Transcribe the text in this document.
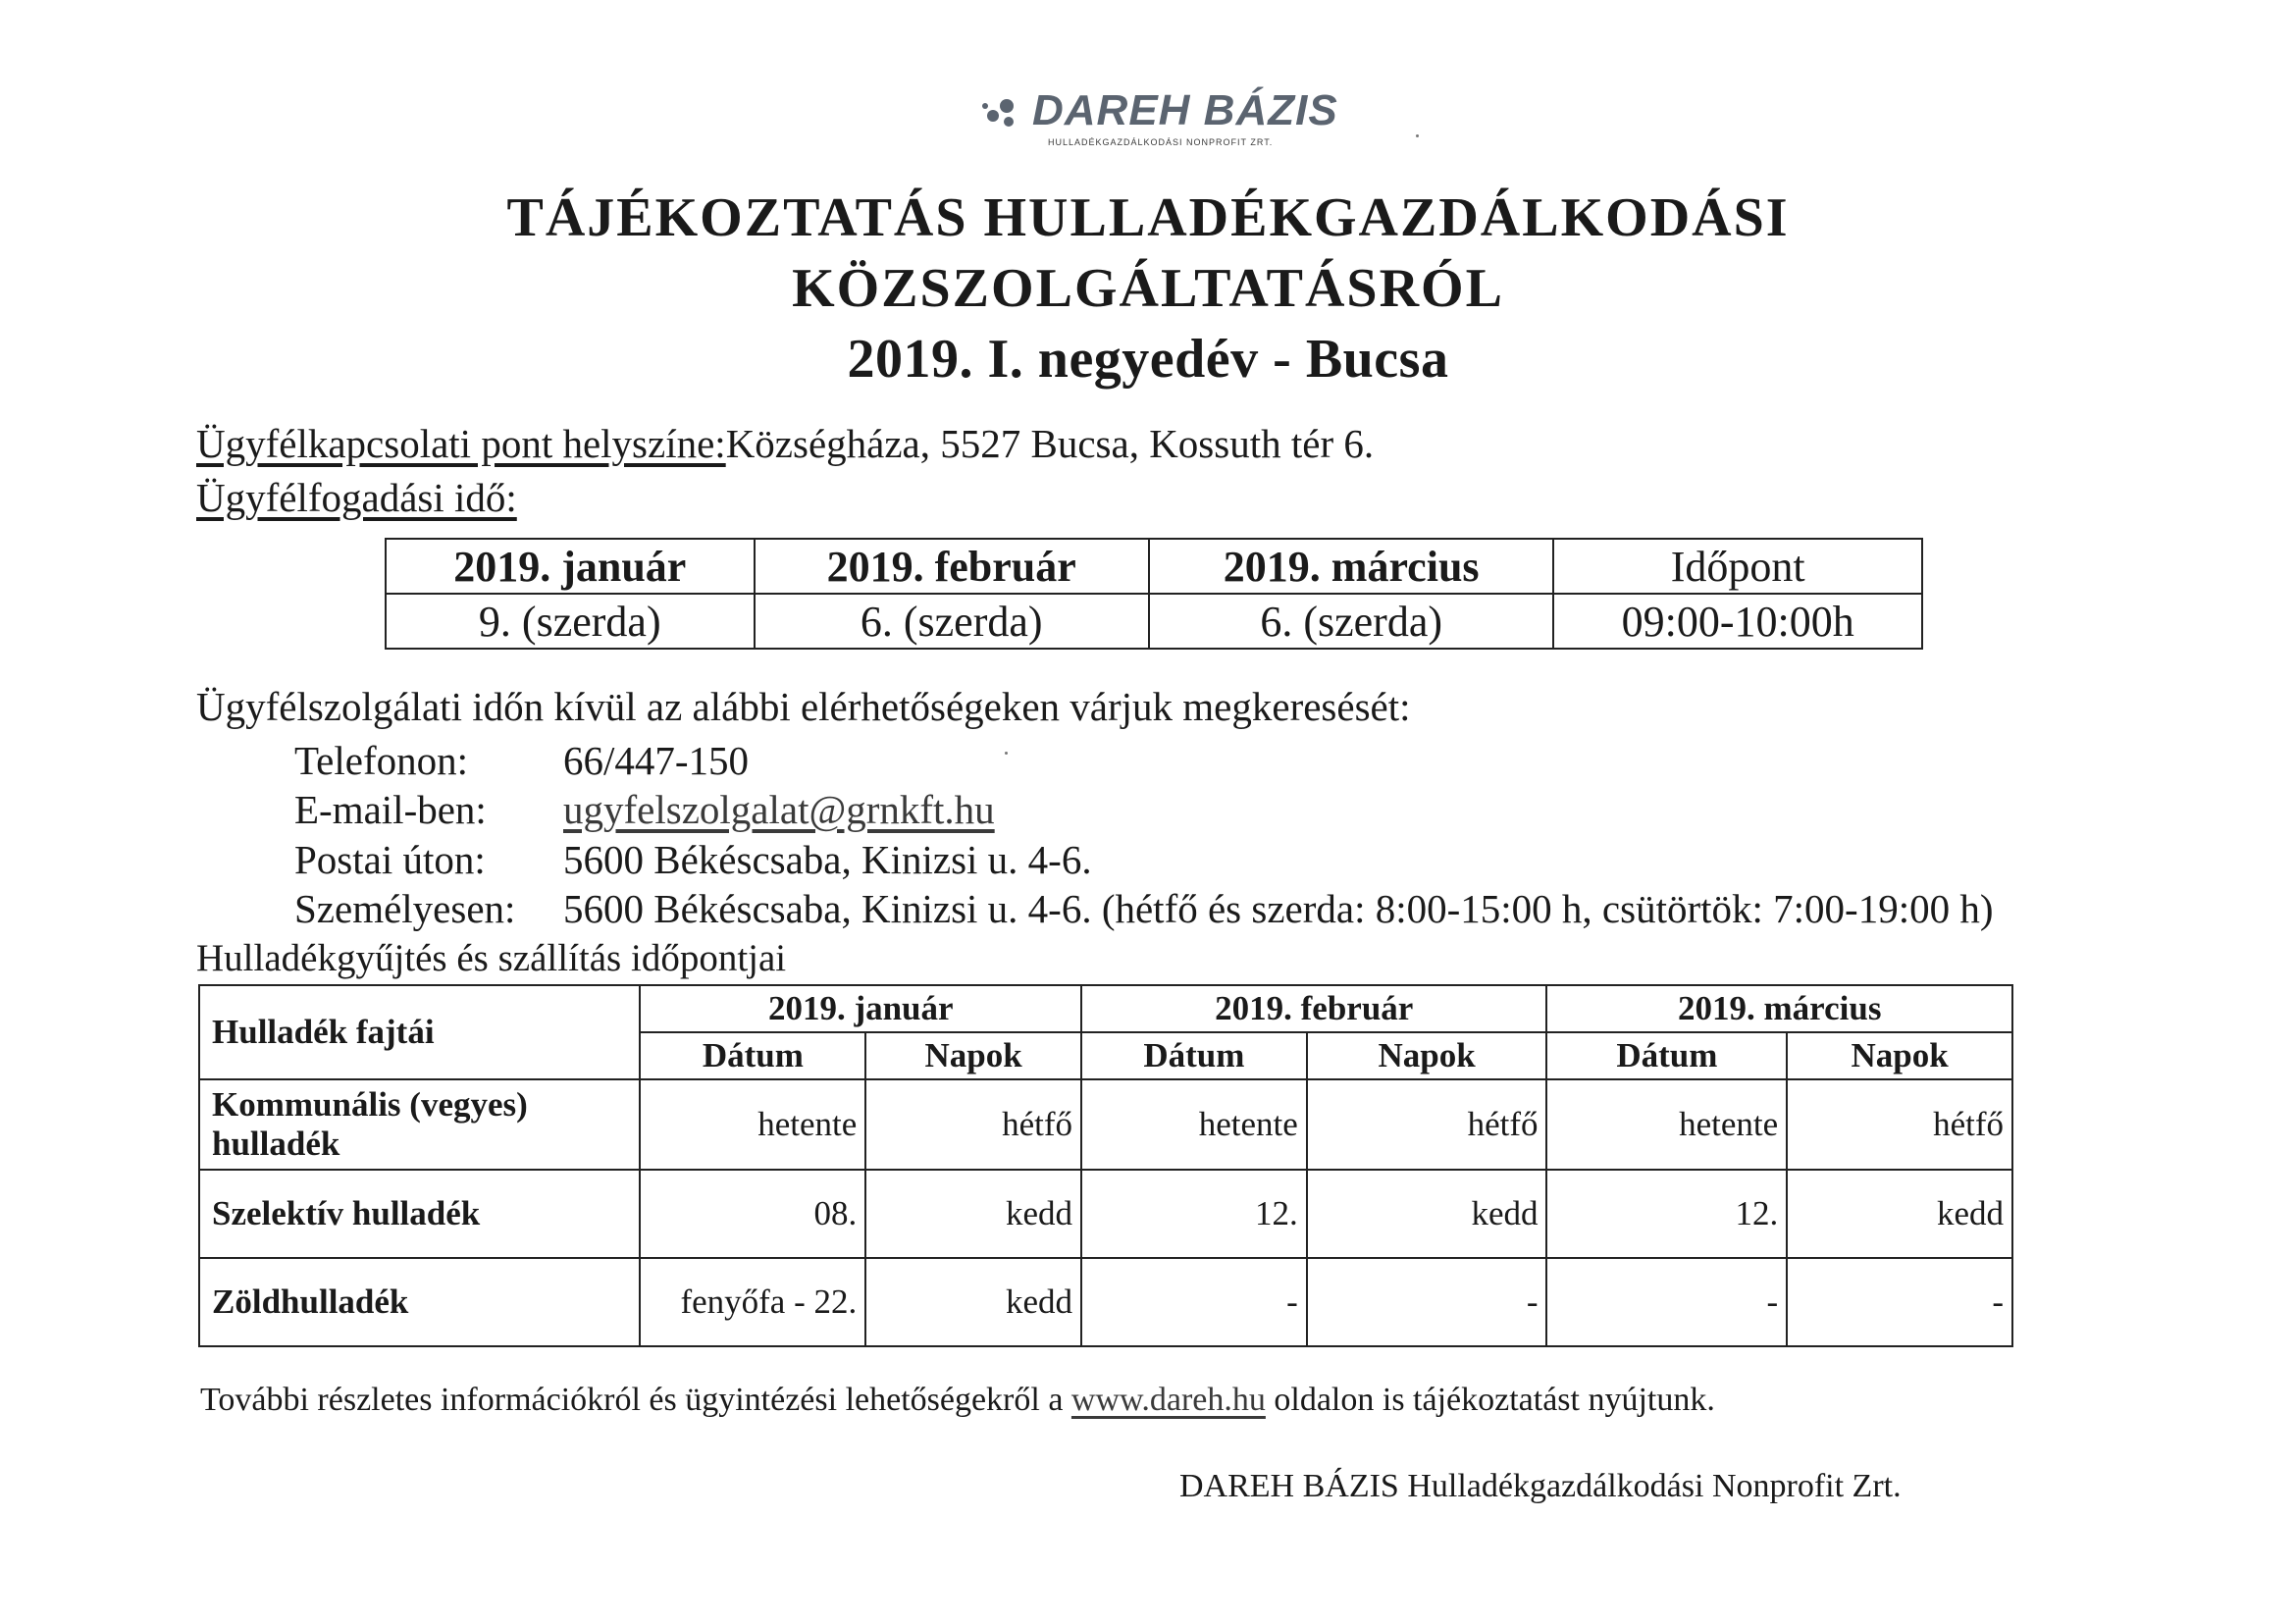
DAREH BÁZIS
HULLADÉKGAZDÁLKODÁSI NONPROFIT ZRT.
TÁJÉKOZTATÁS HULLADÉKGAZDÁLKODÁSI
KÖZSZOLGÁLTATÁSRÓL
2019. I. negyedév - Bucsa
Ügyfélkapcsolati pont helyszíne:Községháza, 5527 Bucsa, Kossuth tér 6.
Ügyfélfogadási idő:
2019. január	2019. február	2019. március	Időpont
9. (szerda)	6. (szerda)	6. (szerda)	09:00-10:00h
Ügyfélszolgálati időn kívül az alábbi elérhetőségeken várjuk megkeresését:
Telefonon: 66/447-150
E-mail-ben: ugyfelszolgalat@grnkft.hu
Postai úton: 5600 Békéscsaba, Kinizsi u. 4-6.
Személyesen: 5600 Békéscsaba, Kinizsi u. 4-6. (hétfő és szerda: 8:00-15:00 h, csütörtök: 7:00-19:00 h)
Hulladékgyűjtés és szállítás időpontjai
Hulladék fajtái	2019. január		2019. február		2019. március	
	Dátum	Napok	Dátum	Napok	Dátum	Napok
Kommunális (vegyes) hulladék	hetente	hétfő	hetente	hétfő	hetente	hétfő
Szelektív hulladék	08.	kedd	12.	kedd	12.	kedd
Zöldhulladék	fenyőfa - 22.	kedd	-	-	-	-
További részletes információkról és ügyintézési lehetőségekről a www.dareh.hu oldalon is tájékoztatást nyújtunk.
DAREH BÁZIS Hulladékgazdálkodási Nonprofit Zrt.
